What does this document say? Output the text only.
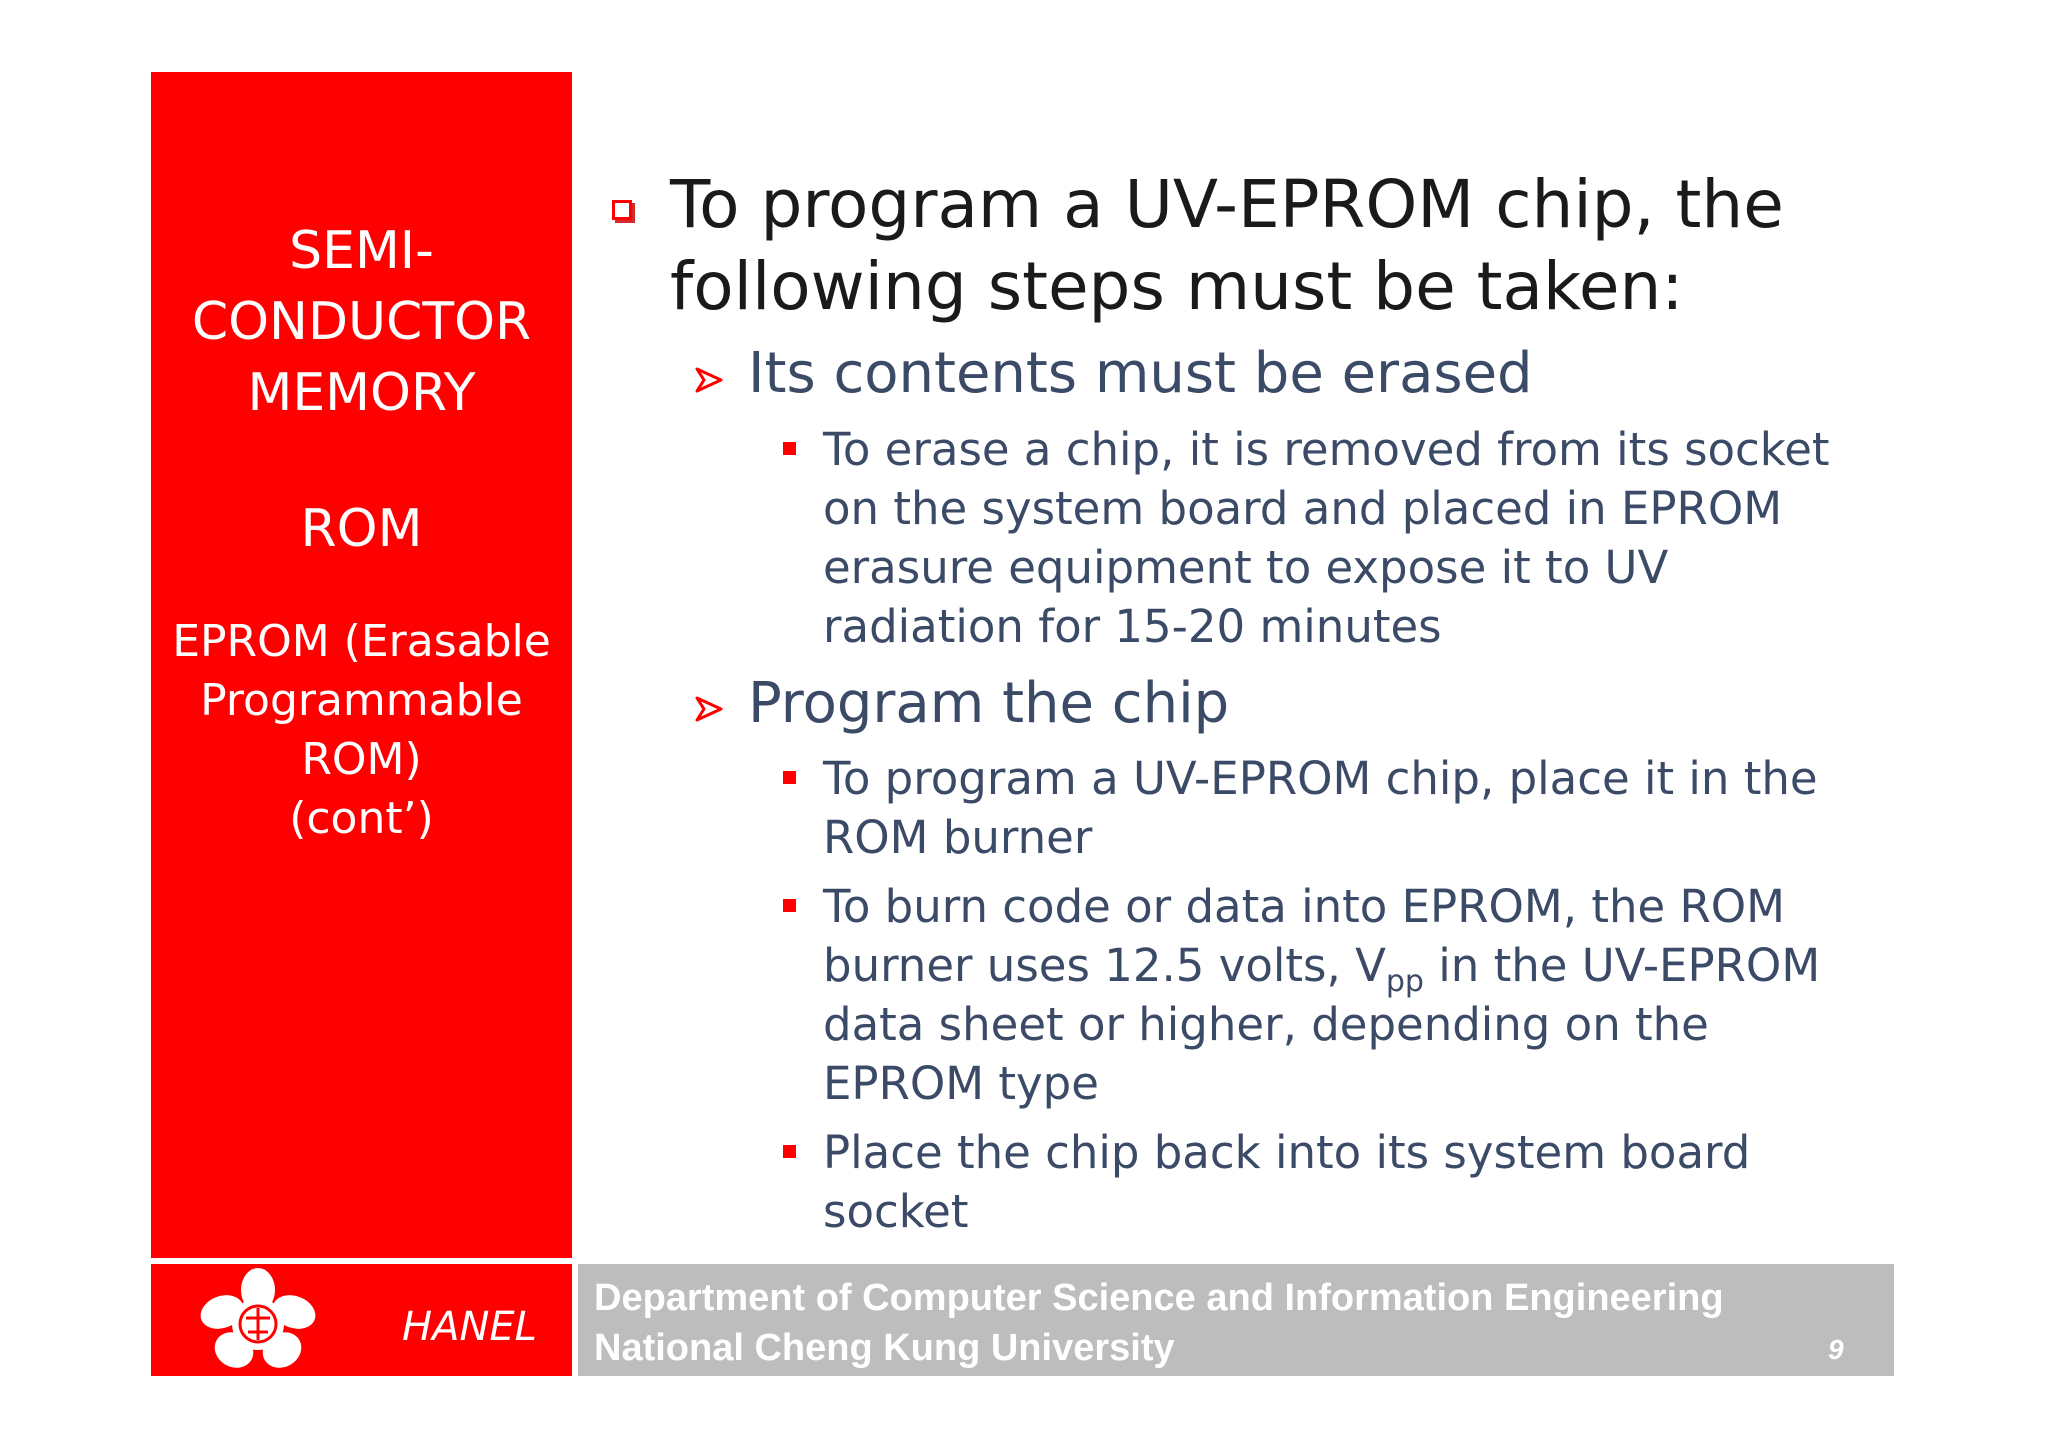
SEMI-
CONDUCTOR
MEMORY
ROM
EPROM (Erasable
Programmable
ROM)
(cont’)
To program a UV-EPROM chip, the
following steps must be taken:
Its contents must be erased
To erase a chip, it is removed from its socket on the system board and placed in EPROM erasure equipment to expose it to UV radiation for 15-20 minutes
Program the chip
To program a UV-EPROM chip, place it in the ROM burner
To burn code or data into EPROM, the ROM burner uses 12.5 volts, $V_{pp}$ in the UV-EPROM data sheet or higher, depending on the EPROM type
Place the chip back into its system board socket
HANEL
Department of Computer Science and Information Engineering
National Cheng Kung University	9
